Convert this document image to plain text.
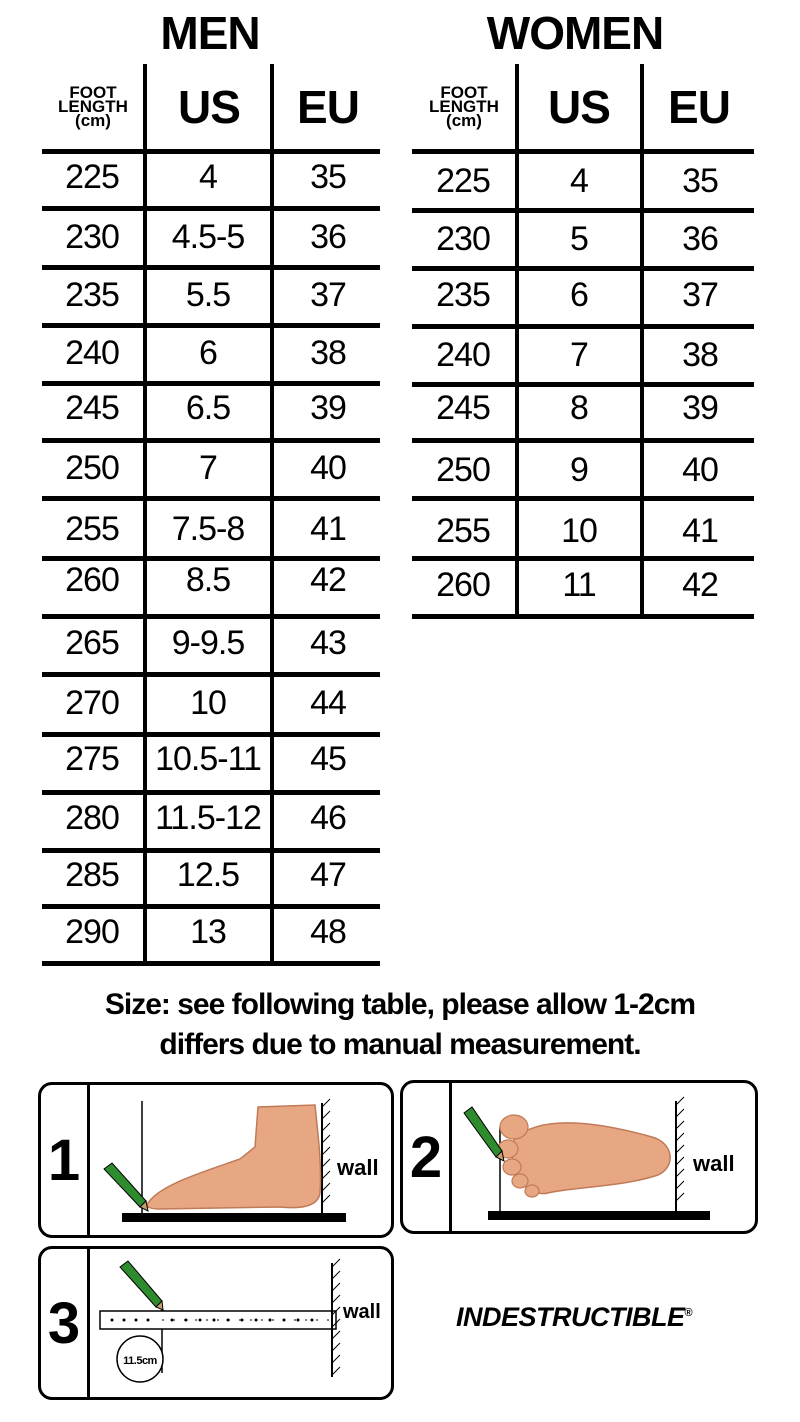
MEN	WOMEN
FOOT
LENGTH
(cm)	US	EU
225	4	35
230	4.5-5	36
235	5.5	37
240	6	38
245	6.5	39
250	7	40
255	7.5-8	41
260	8.5	42
265	9-9.5	43
270	10	44
275	10.5-11	45
280	11.5-12	46
285	12.5	47
290	13	48
FOOT
LENGTH
(cm)	US	EU
225	4	35
230	5	36
235	6	37
240	7	38
245	8	39
250	9	40
255	10	41
260	11	42
Size: see following table, please allow 1-2cm
differs due to manual measurement.
1	wall 2	wall
3
11.5cm
wall	INDESTRUCTIBLE®
